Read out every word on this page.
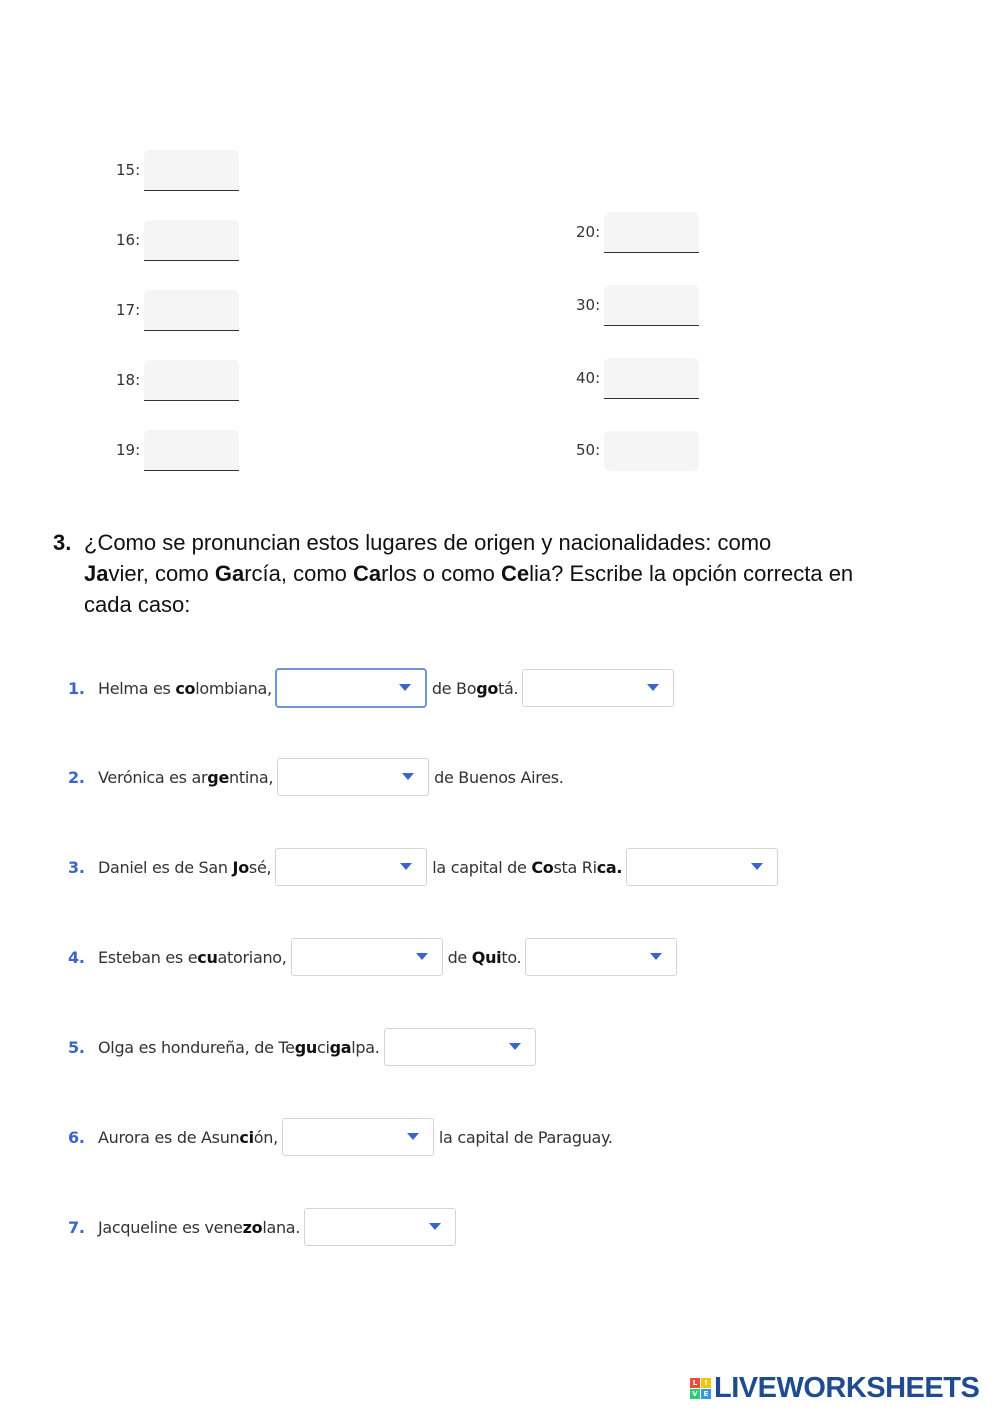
15:
16:
17:
18:
19:
20:
30:
40:
50:
3. ¿Como se pronuncian estos lugares de origen y nacionalidades: como
Javier, como García, como Carlos o como Celia? Escribe la opción correcta en cada caso:
1. Helma es
co lombiana,	de Bo go tá.
2. Verónica es ar ge ntina,	de Buenos Aires.
3. Daniel es de San
Jo sé,	la capital de
Co sta Ri ca.
4. Esteban es e cu atoriano,	de
Qui to.
5. Olga es hondureña, de Te gu ci ga lpa.
6. Aurora es de Asun ci ón,	la capital de Paraguay.
7. Jacqueline es vene zo lana.
L	I
V E LIVEWORKSHEETS
